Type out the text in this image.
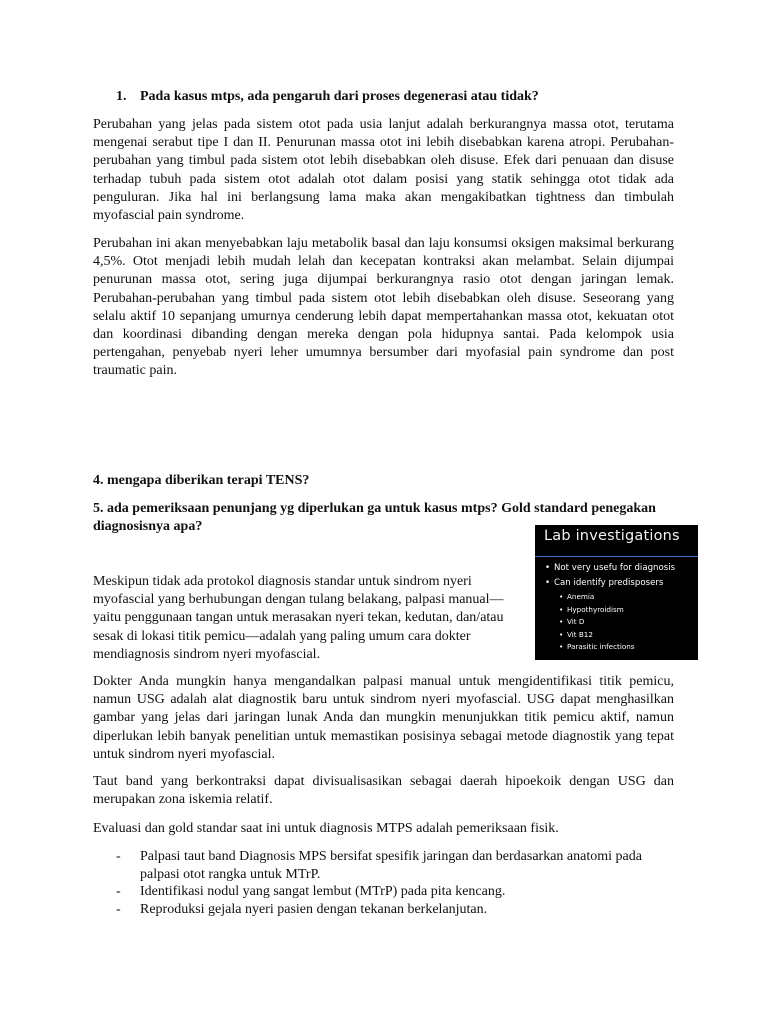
1. Pada kasus mtps, ada pengaruh dari proses degenerasi atau tidak?
Perubahan yang jelas pada sistem otot pada usia lanjut adalah berkurangnya massa otot, terutama mengenai serabut tipe I dan II. Penurunan massa otot ini lebih disebabkan karena atropi. Perubahan-perubahan yang timbul pada sistem otot lebih disebabkan oleh disuse. Efek dari penuaan dan disuse terhadap tubuh pada sistem otot adalah otot dalam posisi yang statik sehingga otot tidak ada penguluran. Jika hal ini berlangsung lama maka akan mengakibatkan tightness dan timbulah myofascial pain syndrome.
Perubahan ini akan menyebabkan laju metabolik basal dan laju konsumsi oksigen maksimal berkurang 4,5%. Otot menjadi lebih mudah lelah dan kecepatan kontraksi akan melambat. Selain dijumpai penurunan massa otot, sering juga dijumpai berkurangnya rasio otot dengan jaringan lemak. Perubahan-perubahan yang timbul pada sistem otot lebih disebabkan oleh disuse. Seseorang yang selalu aktif 10 sepanjang umurnya cenderung lebih dapat mempertahankan massa otot, kekuatan otot dan koordinasi dibanding dengan mereka dengan pola hidupnya santai. Pada kelompok usia pertengahan, penyebab nyeri leher umumnya bersumber dari myofasial pain syndrome dan post traumatic pain.
4. mengapa diberikan terapi TENS?
5. ada pemeriksaan penunjang yg diperlukan ga untuk kasus mtps? Gold standard penegakan diagnosisnya apa?
Lab investigations
• Not very usefu for diagnosis
• Can identify predisposers
• Anemia
• Hypothyroidism
• Vit D
• Vit B12
• Parasitic infections
Meskipun tidak ada protokol diagnosis standar untuk sindrom nyeri myofascial yang berhubungan dengan tulang belakang, palpasi manual—yaitu penggunaan tangan untuk merasakan nyeri tekan, kedutan, dan/atau sesak di lokasi titik pemicu—adalah yang paling umum cara dokter mendiagnosis sindrom nyeri myofascial.
Dokter Anda mungkin hanya mengandalkan palpasi manual untuk mengidentifikasi titik pemicu, namun USG adalah alat diagnostik baru untuk sindrom nyeri myofascial. USG dapat menghasilkan gambar yang jelas dari jaringan lunak Anda dan mungkin menunjukkan titik pemicu aktif, namun diperlukan lebih banyak penelitian untuk memastikan posisinya sebagai metode diagnostik yang tepat untuk sindrom nyeri myofascial.
Taut band yang berkontraksi dapat divisualisasikan sebagai daerah hipoekoik dengan USG dan merupakan zona iskemia relatif.
Evaluasi dan gold standar saat ini untuk diagnosis MTPS adalah pemeriksaan fisik.
- Palpasi taut band Diagnosis MPS bersifat spesifik jaringan dan berdasarkan anatomi pada palpasi otot rangka untuk MTrP.
- Identifikasi nodul yang sangat lembut (MTrP) pada pita kencang.
- Reproduksi gejala nyeri pasien dengan tekanan berkelanjutan.
